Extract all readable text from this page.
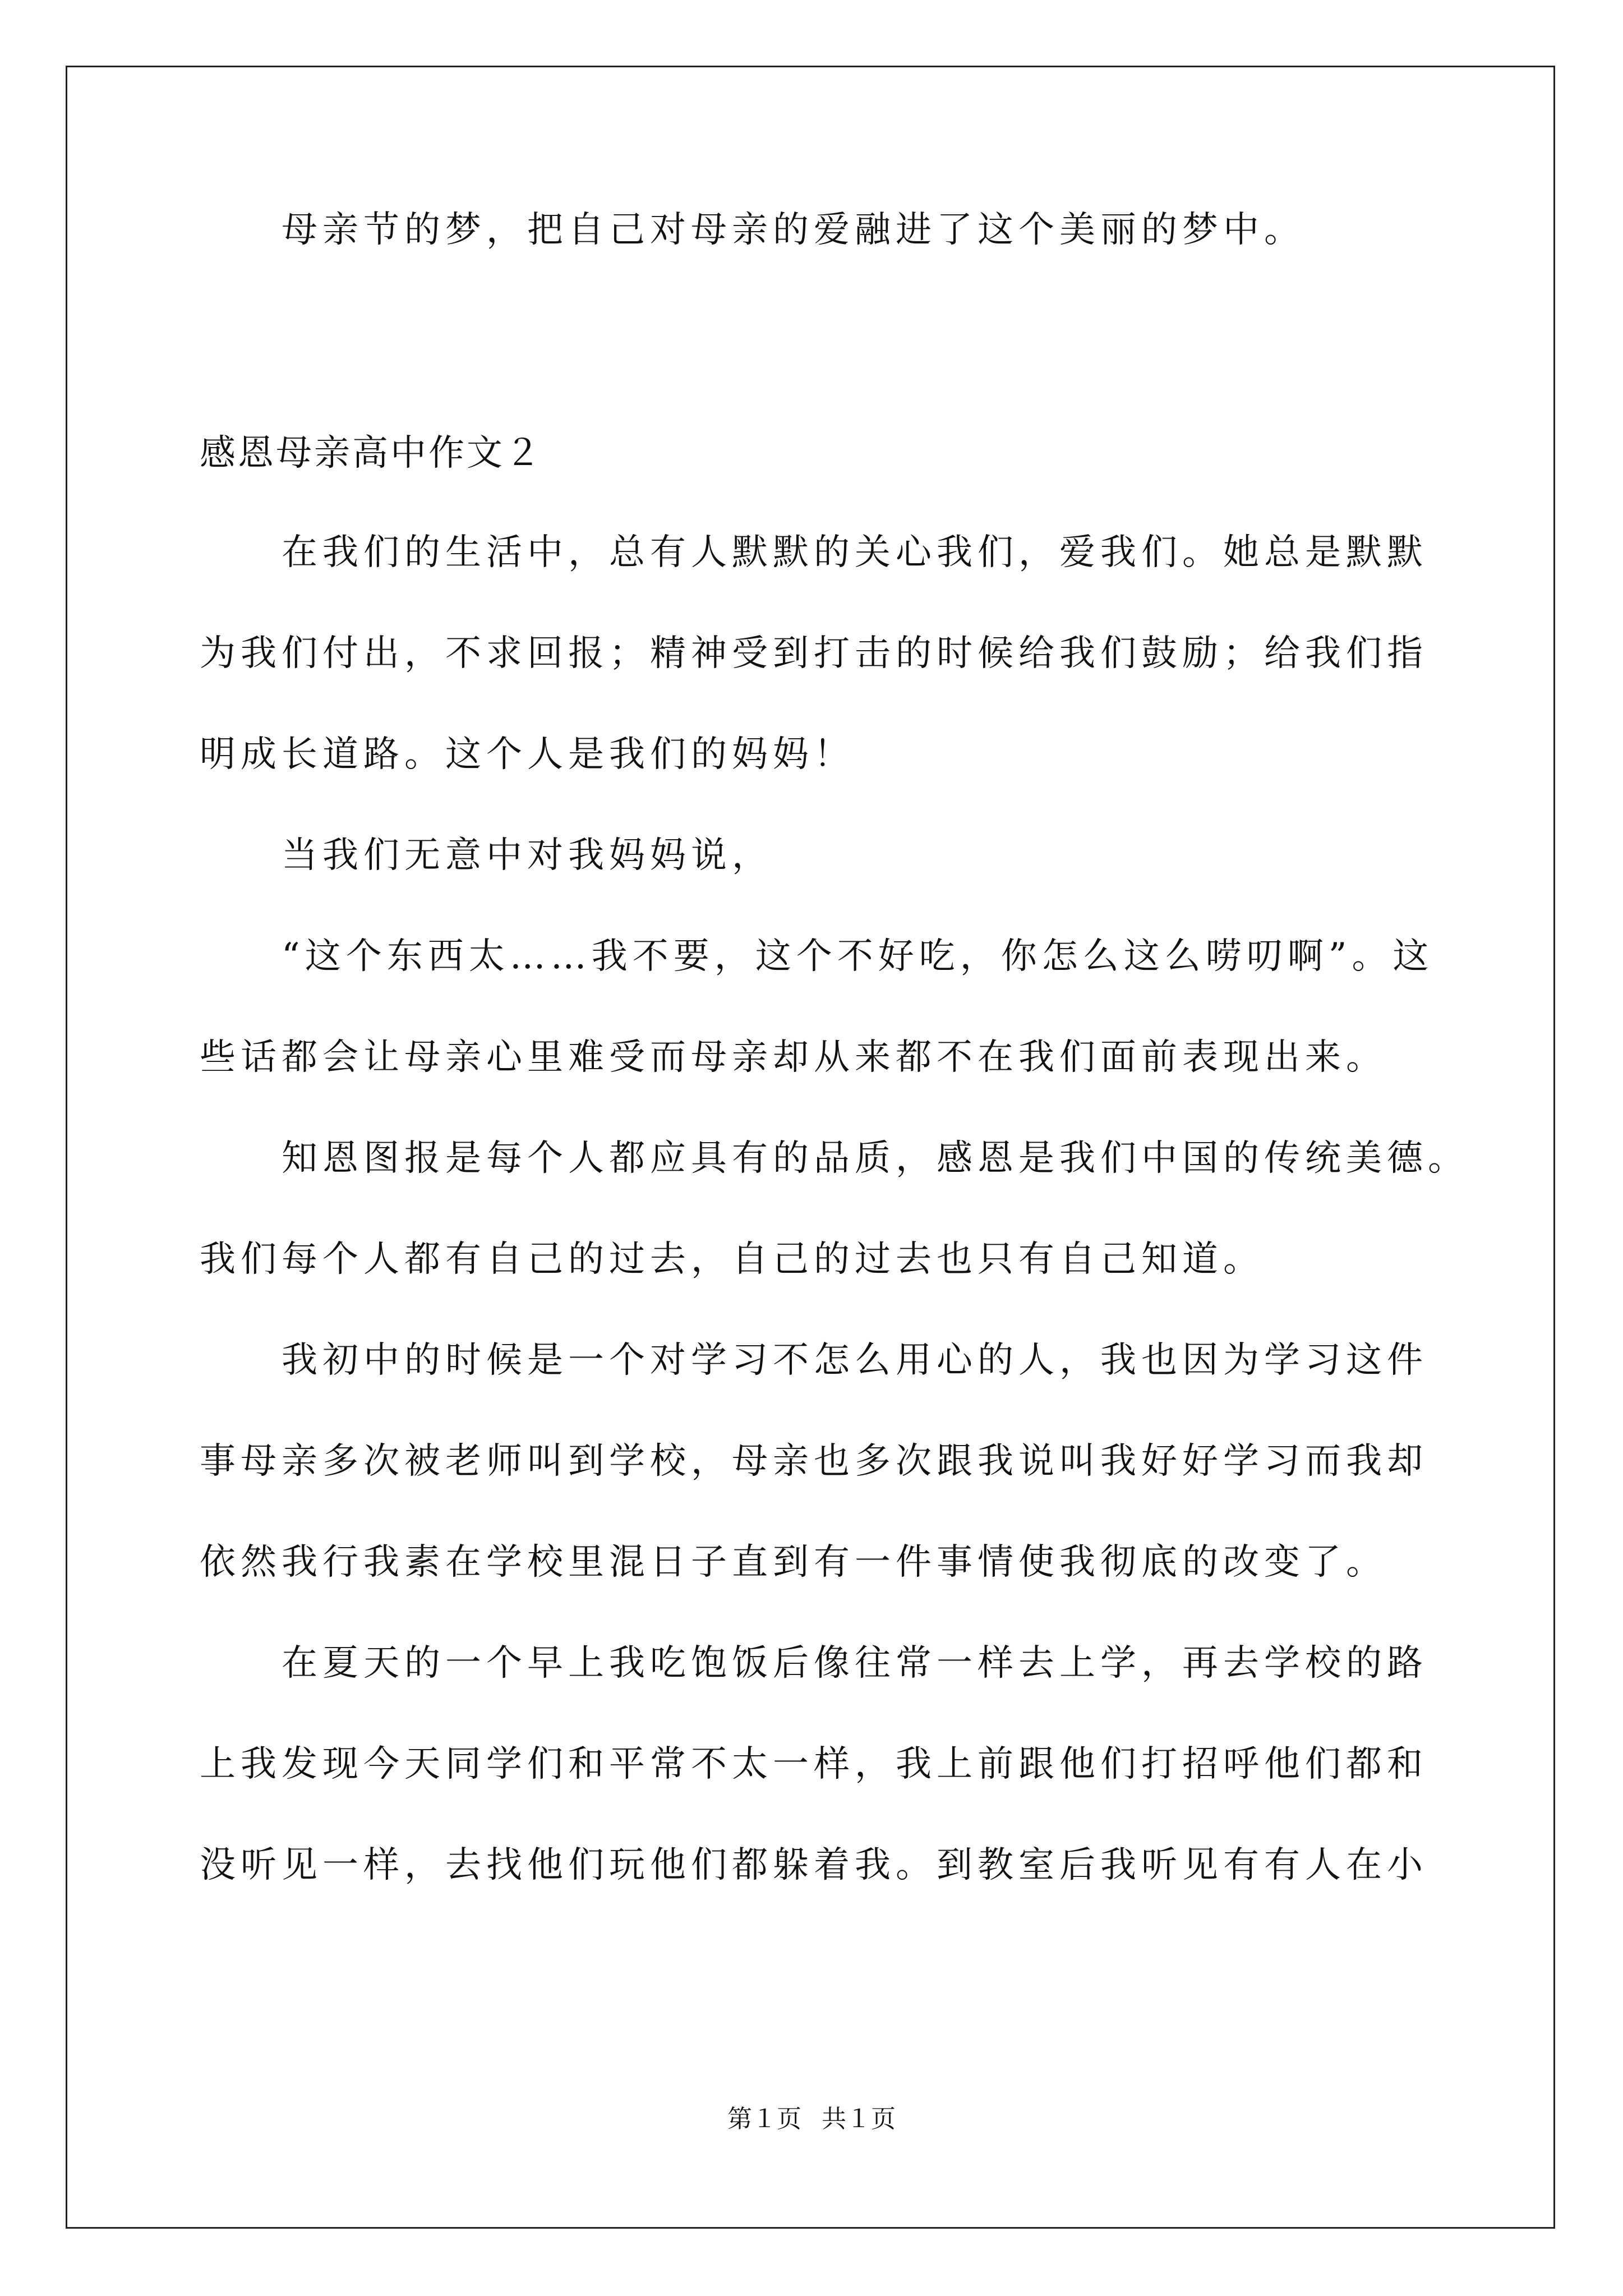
母亲节的梦，把自己对母亲的爱融进了这个美丽的梦中。
感恩母亲高中作文２
在我们的生活中，总有人默默的关心我们，爱我们。她总是默默
为我们付出，不求回报；精神受到打击的时候给我们鼓励；给我们指
明成长道路。这个人是我们的妈妈！
当我们无意中对我妈妈说，
“这个东西太……我不要，这个不好吃，你怎么这么唠叨啊”。这
些话都会让母亲心里难受而母亲却从来都不在我们面前表现出来。
知恩图报是每个人都应具有的品质，感恩是我们中国的传统美德。
我们每个人都有自己的过去，自己的过去也只有自己知道。
我初中的时候是一个对学习不怎么用心的人，我也因为学习这件
事母亲多次被老师叫到学校，母亲也多次跟我说叫我好好学习而我却
依然我行我素在学校里混日子直到有一件事情使我彻底的改变了。
在夏天的一个早上我吃饱饭后像往常一样去上学，再去学校的路
上我发现今天同学们和平常不太一样，我上前跟他们打招呼他们都和
没听见一样，去找他们玩他们都躲着我。到教室后我听见有有人在小
第１页 共１页
